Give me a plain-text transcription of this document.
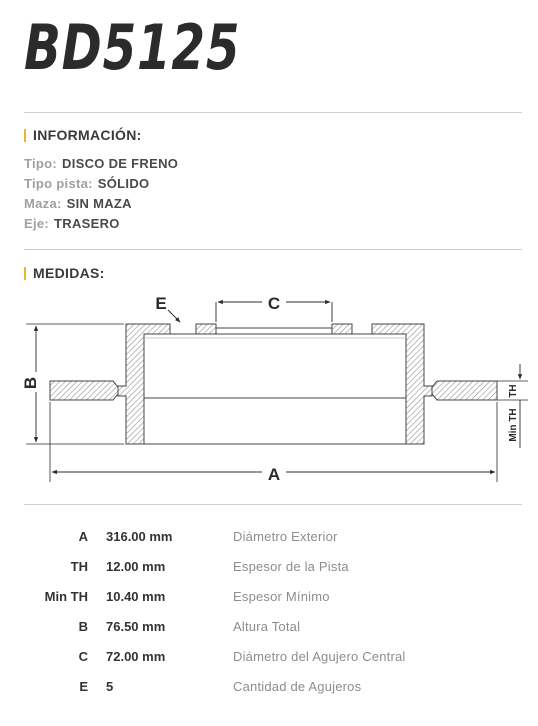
BD5125
INFORMACIÓN:
Tipo: DISCO DE FRENO
Tipo pista: SÓLIDO
Maza: SIN MAZA
Eje: TRASERO
MEDIDAS:
C
E
B
TH
Min TH
A
A 316.00 mm	Diámetro Exterior
TH 12.00 mm	Espesor de la Pista
Min TH 10.40 mm	Espesor Mínimo
B 76.50 mm	Altura Total
C 72.00 mm	Diámetro del Agujero Central
E 5	Cantidad de Agujeros
